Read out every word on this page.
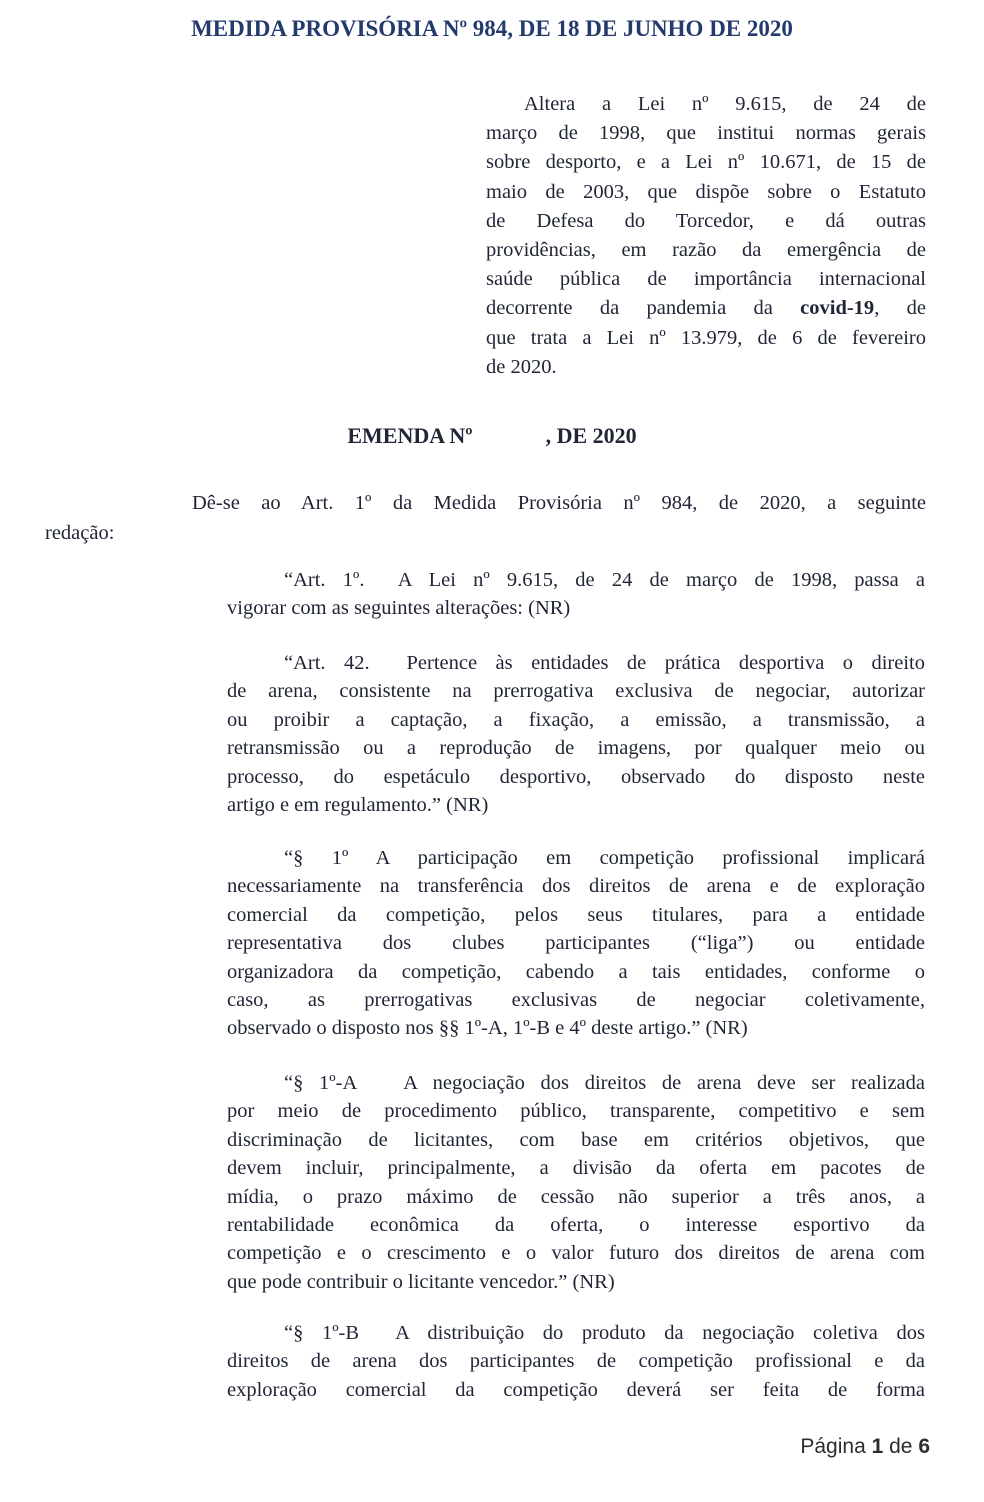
MEDIDA PROVISÓRIA Nº 984, DE 18 DE JUNHO DE 2020
Altera a Lei nº 9.615, de 24 de
março de 1998, que institui normas gerais
sobre desporto, e a Lei nº 10.671, de 15 de
maio de 2003, que dispõe sobre o Estatuto
de Defesa do Torcedor, e dá outras
providências, em razão da emergência de
saúde pública de importância internacional
decorrente da pandemia da covid-19, de
que trata a Lei nº 13.979, de 6 de fevereiro
de 2020.
EMENDA Nº	, DE 2020
Dê-se ao Art. 1º da Medida Provisória nº 984, de 2020, a seguinte
redação:
“Art. 1º.  A Lei nº 9.615, de 24 de março de 1998, passa a
vigorar com as seguintes alterações: (NR)
“Art. 42.  Pertence às entidades de prática desportiva o direito
de arena, consistente na prerrogativa exclusiva de negociar, autorizar
ou proibir a captação, a fixação, a emissão, a transmissão, a
retransmissão ou a reprodução de imagens, por qualquer meio ou
processo, do espetáculo desportivo, observado do disposto neste
artigo e em regulamento.” (NR)
“§ 1º A participação em competição profissional implicará
necessariamente na transferência dos direitos de arena e de exploração
comercial da competição, pelos seus titulares, para a entidade
representativa dos clubes participantes (“liga”) ou entidade
organizadora da competição, cabendo a tais entidades, conforme o
caso, as prerrogativas exclusivas de negociar coletivamente,
observado o disposto nos §§ 1º-A, 1º-B e 4º deste artigo.” (NR)
“§ 1º-A   A negociação dos direitos de arena deve ser realizada
por meio de procedimento público, transparente, competitivo e sem
discriminação de licitantes, com base em critérios objetivos, que
devem incluir, principalmente, a divisão da oferta em pacotes de
mídia, o prazo máximo de cessão não superior a três anos, a
rentabilidade econômica da oferta, o interesse esportivo da
competição e o crescimento e o valor futuro dos direitos de arena com
que pode contribuir o licitante vencedor.” (NR)
“§ 1º-B  A distribuição do produto da negociação coletiva dos
direitos de arena dos participantes de competição profissional e da
exploração comercial da competição deverá ser feita de forma
Página 1 de 6
